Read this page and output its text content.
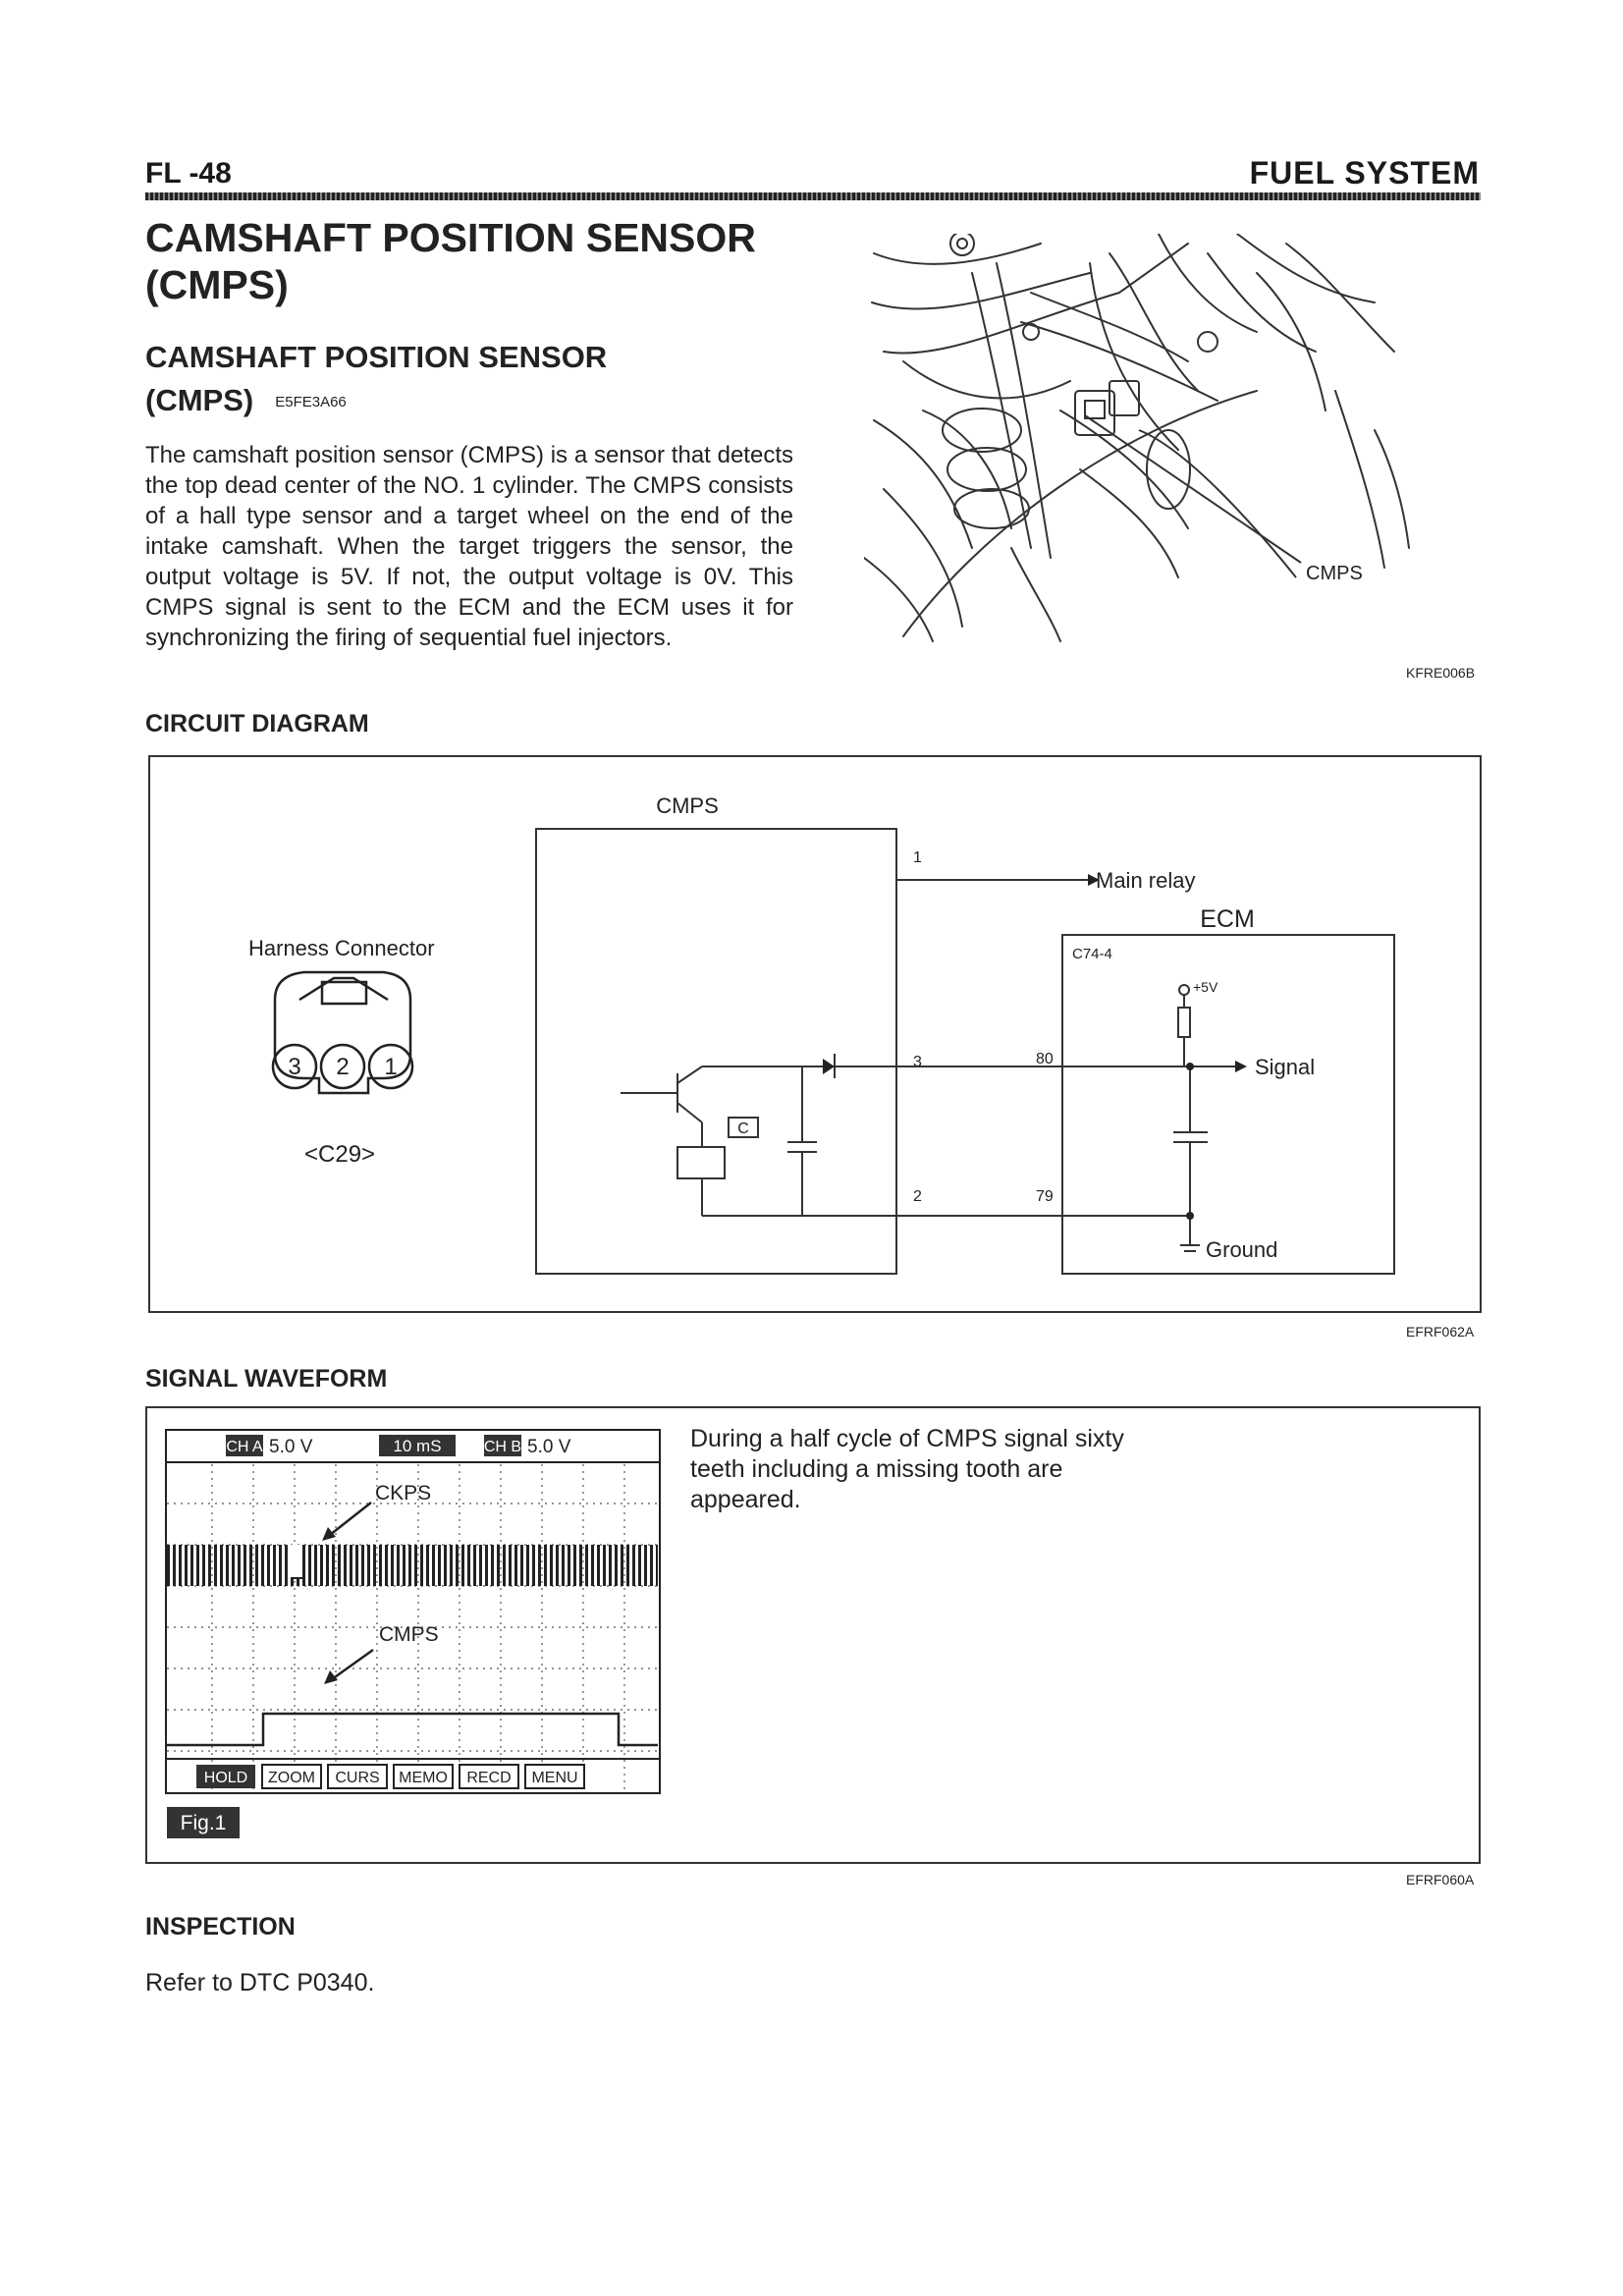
FL -48	FUEL SYSTEM
CAMSHAFT POSITION SENSOR
(CMPS)
CAMSHAFT POSITION SENSOR
(CMPS) E5FE3A66
The camshaft position sensor (CMPS) is a sensor that detects the top dead center of the NO. 1 cylinder. The CMPS consists of a hall type sensor and a target wheel on the end of the intake camshaft. When the target triggers the sensor, the output voltage is 5V. If not, the output voltage is 0V. This CMPS signal is sent to the ECM and the ECM uses it for synchronizing the firing of sequential fuel injectors.
CMPS
KFRE006B
CIRCUIT DIAGRAM
Harness Connector
3 2 1
<C29>
CMPS
1
3
2
Main relay
C
ECM
C74-4
80
79
+5V
Signal
Ground
EFRF062A
SIGNAL WAVEFORM
CH A 5.0 V	10 mS	CH B 5.0 V
CKPS
CMPS
HOLD ZOOM CURS MEMO RECD MENU
Fig.1
During a half cycle of CMPS signal sixty teeth including a missing tooth are appeared.
EFRF060A
INSPECTION
Refer to DTC P0340.
